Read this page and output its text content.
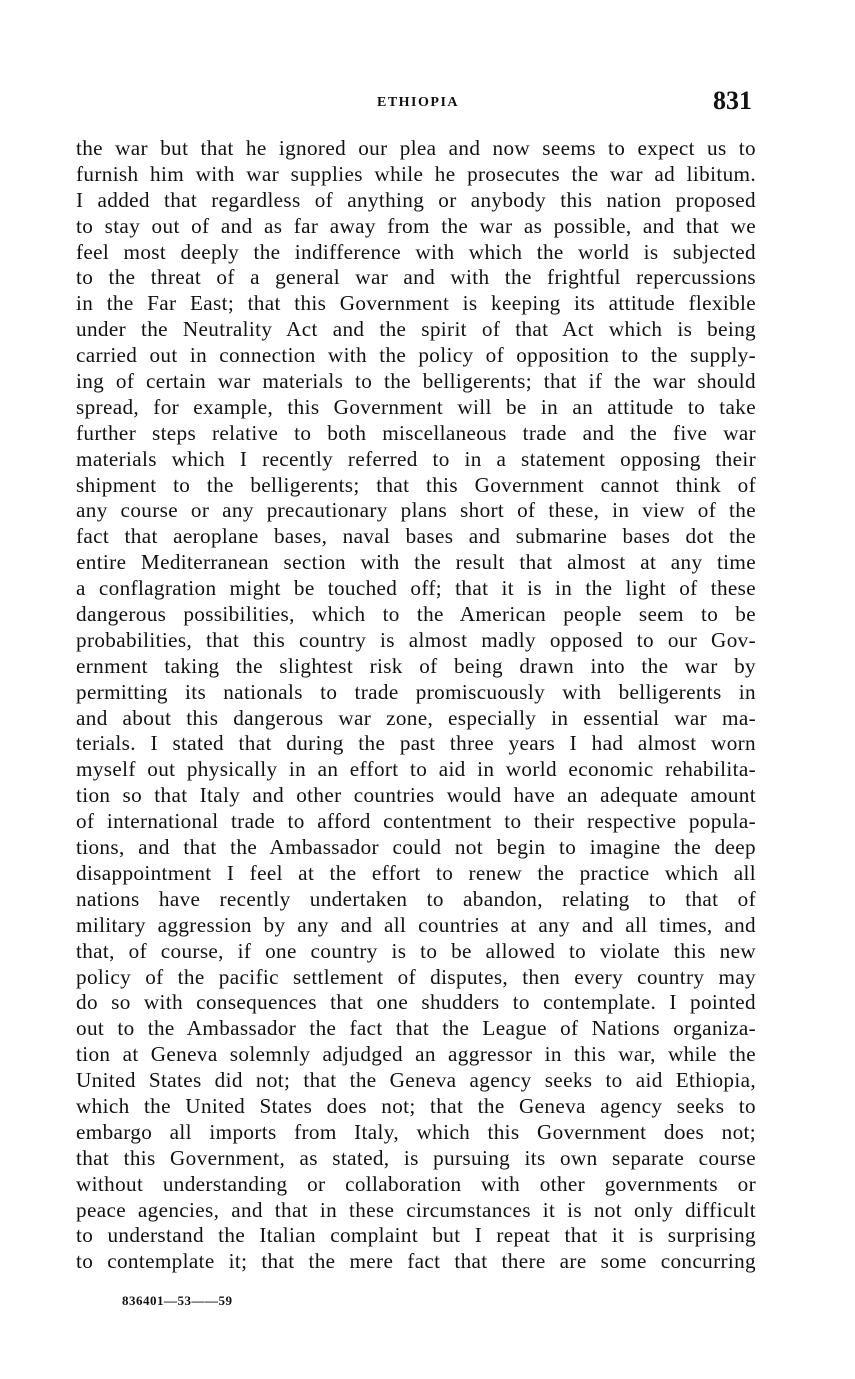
ETHIOPIA	831
the war but that he ignored our plea and now seems to expect us to
furnish him with war supplies while he prosecutes the war ad libitum.
I added that regardless of anything or anybody this nation proposed
to stay out of and as far away from the war as possible, and that we
feel most deeply the indifference with which the world is subjected
to the threat of a general war and with the frightful repercussions
in the Far East; that this Government is keeping its attitude flexible
under the Neutrality Act and the spirit of that Act which is being
carried out in connection with the policy of opposition to the supply-
ing of certain war materials to the belligerents; that if the war should
spread, for example, this Government will be in an attitude to take
further steps relative to both miscellaneous trade and the five war
materials which I recently referred to in a statement opposing their
shipment to the belligerents; that this Government cannot think of
any course or any precautionary plans short of these, in view of the
fact that aeroplane bases, naval bases and submarine bases dot the
entire Mediterranean section with the result that almost at any time
a conflagration might be touched off; that it is in the light of these
dangerous possibilities, which to the American people seem to be
probabilities, that this country is almost madly opposed to our Gov-
ernment taking the slightest risk of being drawn into the war by
permitting its nationals to trade promiscuously with belligerents in
and about this dangerous war zone, especially in essential war ma-
terials. I stated that during the past three years I had almost worn
myself out physically in an effort to aid in world economic rehabilita-
tion so that Italy and other countries would have an adequate amount
of international trade to afford contentment to their respective popula-
tions, and that the Ambassador could not begin to imagine the deep
disappointment I feel at the effort to renew the practice which all
nations have recently undertaken to abandon, relating to that of
military aggression by any and all countries at any and all times, and
that, of course, if one country is to be allowed to violate this new
policy of the pacific settlement of disputes, then every country may
do so with consequences that one shudders to contemplate. I pointed
out to the Ambassador the fact that the League of Nations organiza-
tion at Geneva solemnly adjudged an aggressor in this war, while the
United States did not; that the Geneva agency seeks to aid Ethiopia,
which the United States does not; that the Geneva agency seeks to
embargo all imports from Italy, which this Government does not;
that this Government, as stated, is pursuing its own separate course
without understanding or collaboration with other governments or
peace agencies, and that in these circumstances it is not only difficult
to understand the Italian complaint but I repeat that it is surprising
to contemplate it; that the mere fact that there are some concurring
836401—53——59
